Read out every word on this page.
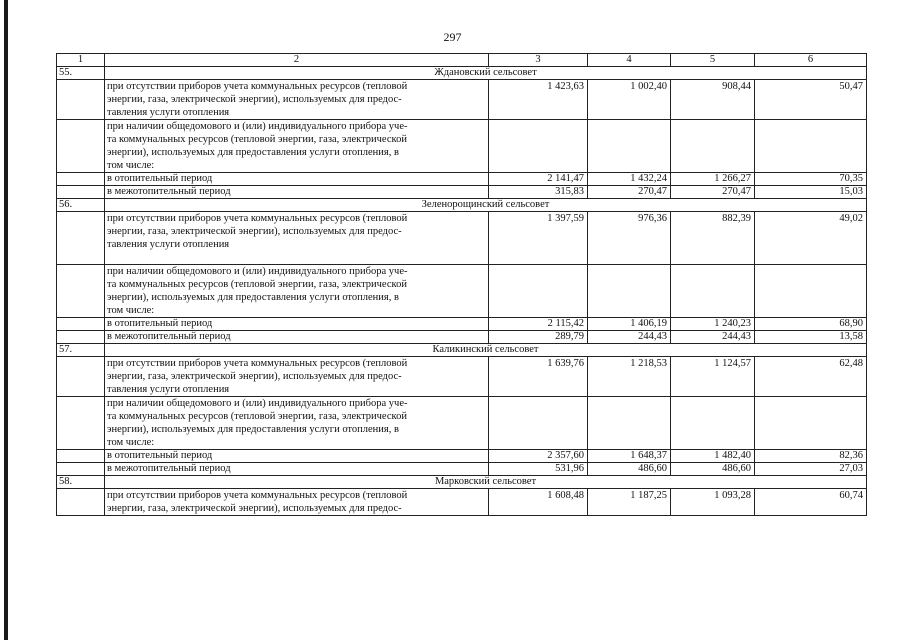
297
1	2	3	4	5	6
55.	Ждановский сельсовет				

	при отсутствии приборов учета коммунальных ресурсов (тепловой
энергии, газа, электрической энергии), используемых для предос-
тавления услуги отопления	1 423,63	1 002,40	908,44	50,47

	при наличии общедомового и (или) индивидуального прибора уче-
та коммунальных ресурсов (тепловой энергии, газа, электрической
энергии), используемых для предоставления услуги отопления, в
том числе:				

	в отопительный период	2 141,47	1 432,24	1 266,27	70,35

	в межотопительный период	315,83	270,47	270,47	15,03
56.	Зеленорощинский сельсовет				

	при отсутствии приборов учета коммунальных ресурсов (тепловой
энергии, газа, электрической энергии), используемых для предос-
тавления услуги отопления	1 397,59	976,36	882,39	49,02

	при наличии общедомового и (или) индивидуального прибора уче-
та коммунальных ресурсов (тепловой энергии, газа, электрической
энергии), используемых для предоставления услуги отопления, в
том числе:				

	в отопительный период	2 115,42	1 406,19	1 240,23	68,90

	в межотопительный период	289,79	244,43	244,43	13,58
57.	Каликинский сельсовет				

	при отсутствии приборов учета коммунальных ресурсов (тепловой
энергии, газа, электрической энергии), используемых для предос-
тавления услуги отопления	1 639,76	1 218,53	1 124,57	62,48

	при наличии общедомового и (или) индивидуального прибора уче-
та коммунальных ресурсов (тепловой энергии, газа, электрической
энергии), используемых для предоставления услуги отопления, в
том числе:				

	в отопительный период	2 357,60	1 648,37	1 482,40	82,36

	в межотопительный период	531,96	486,60	486,60	27,03
58.	Марковский сельсовет				

	при отсутствии приборов учета коммунальных ресурсов (тепловой
энергии, газа, электрической энергии), используемых для предос-	1 608,48	1 187,25	1 093,28	60,74
